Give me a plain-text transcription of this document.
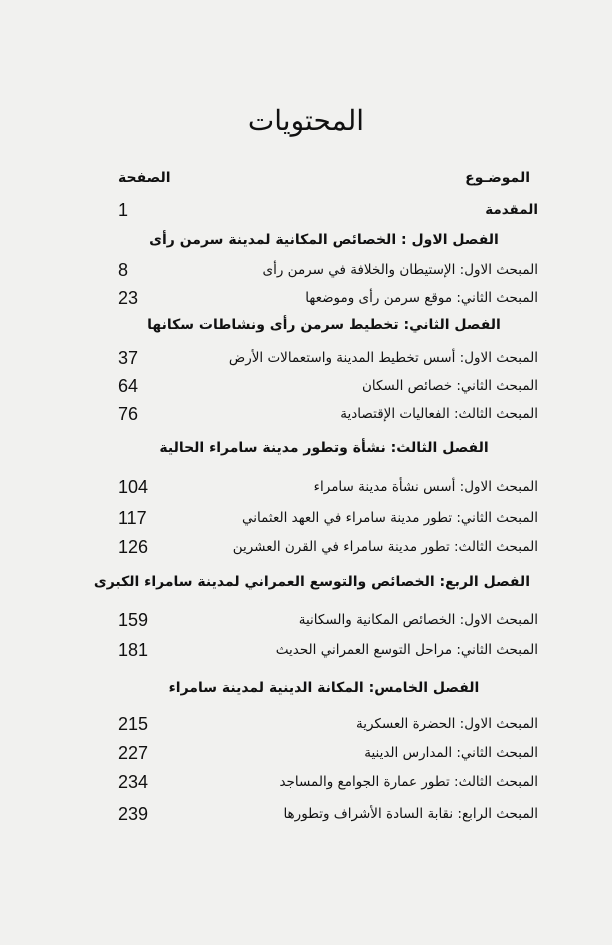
المحتويات
الموضـوع
الصفحة
المقدمة
1
الفصل الاول : الخصائص المكانية لمدينة سرمن رأى
المبحث الاول: الإستيطان والخلافة في سرمن رأى
8
المبحث الثاني: موقع سرمن رأى وموضعها
23
الفصل الثاني: تخطيط سرمن رأى ونشاطات سكانها
المبحث الاول: أسس تخطيط المدينة واستعمالات الأرض
37
المبحث الثاني: خصائص السكان
64
المبحث الثالث: الفعاليات الإقتصادية
76
الفصل الثالث: نشأة وتطور مدينة سامراء الحالية
المبحث الاول: أسس نشأة مدينة سامراء
104
المبحث الثاني: تطور مدينة سامراء في العهد العثماني
117
المبحث الثالث: تطور مدينة سامراء في القرن العشرين
126
الفصل الربع: الخصائص والتوسع العمراني لمدينة سامراء الكبرى
المبحث الاول: الخصائص المكانية والسكانية
159
المبحث الثاني: مراحل التوسع العمراني الحديث
181
الفصل الخامس: المكانة الدينية لمدينة سامراء
المبحث الاول: الحضرة العسكرية
215
المبحث الثاني: المدارس الدينية
227
المبحث الثالث: تطور عمارة الجوامع والمساجد
234
المبحث الرابع: نقابة السادة الأشراف وتطورها
239
